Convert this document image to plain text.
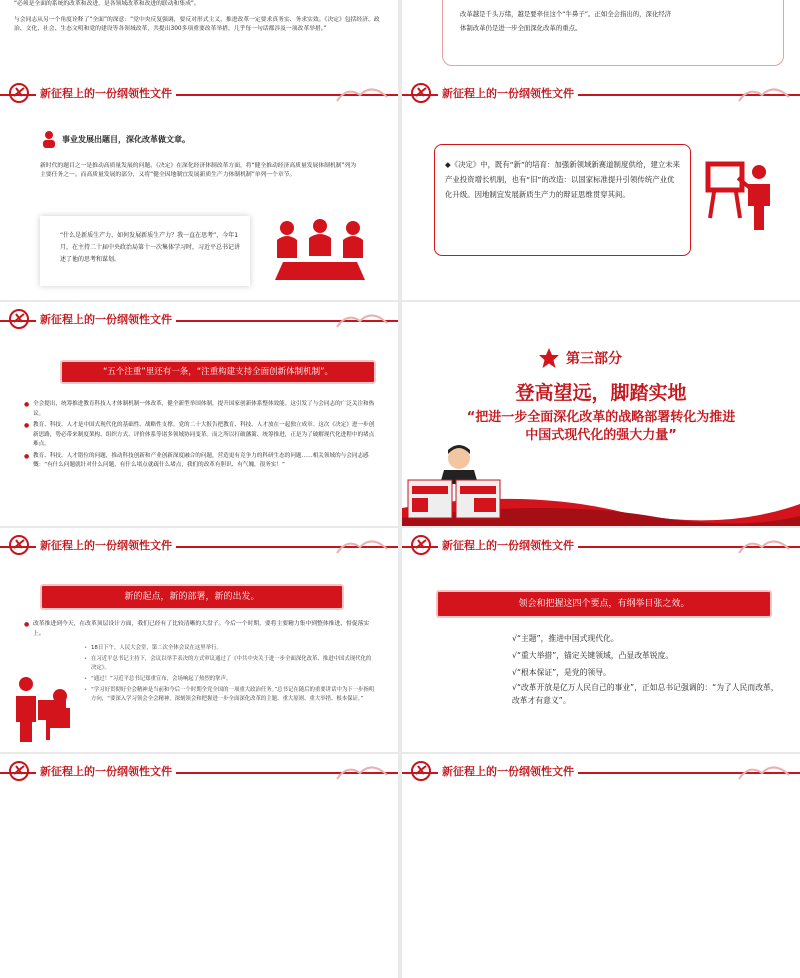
“必须是全面的系统的改革和改进，是各领域改革和改进的联动和集成”。
与会同志从另一个角度诠释了“全面”的深意：“党中央反复强调，要反对形式主义，推进改革一定要求真务实、务求实效。《决定》包括经济、政治、文化、社会、生态文明和党的建设等各领域改革，共提出300多项重要改革举措，几乎每一句话都涉及一项改革举措。”
改革越是千头万绪，越是要牵住这个“牛鼻子”。正如全会指出的，深化经济
体制改革仍是进一步全面深化改革的重点。
新征程上的一份纲领性文件
事业发展出题目，深化改革做文章。
新时代的题目之一是推动高质量发展的问题。《决定》在深化经济体制改革方面，将“健全推动经济高质量发展体制机制”列为主要任务之一。而高质量发展的部分，又将“健全因地制宜发展新质生产力体制机制”单列一个章节。
“什么是新质生产力、如何发展新质生产力？我一直在思考”，今年1月，在主持二十届中央政治局第十一次集体学习时，习近平总书记讲述了他的思考和谋划。
新征程上的一份纲领性文件
◆《决定》中，既有“新”的培育：加强新领域新赛道制度供给，建立未来产业投资增长机制，也有“旧”的改造：以国家标准提升引领传统产业优化升级。因地制宜发展新质生产力的辩证思维贯穿其间。
新征程上的一份纲领性文件
“五个注重”里还有一条，“注重构建支持全面创新体制机制”。
● 全会提出，统筹推进教育科技人才体制机制一体改革，健全新型举国体制，提升国家创新体系整体效能。这引发了与会同志的广泛关注和热议。
● 教育、科技、人才是中国式现代化的基础性、战略性支撑。党的二十大报告把教育、科技、人才放在一起独立成章。这次《决定》进一步创新思路，势必带来制度架构、组织方式、评价体系等诸多领域协同变革。而之所以打破藩篱、统筹推进，正是为了破解现代化进程中的堵点难点。
● 教育、科技、人才错位的问题，推动科技创新和产业创新深度融合的问题，营造更有竞争力的科研生态的问题……相关领域的与会同志感慨：“有什么问题就针对什么问题，有什么堵点就疏什么堵点，我们的改革有胆识、有气魄，很务实！”
第三部分
登高望远，脚踏实地
“把进一步全面深化改革的战略部署转化为推进
中国式现代化的强大力量”
新征程上的一份纲领性文件
新的起点，新的部署，新的出发。
● 改革推进到今天，在改革顶层设计方面，我们已经有了比较清晰的大盘子。今后一个时期，要将主要精力集中到整体推进、督促落实上。
• 18日下午，人民大会堂，第二次全体会议在这里举行。
• 在习近平总书记主持下，会议以举手表决的方式审议通过了《中共中央关于进一步全面深化改革、推进中国式现代化的决定》。
• “通过！”习近平总书记郑重宣布，会场响起了热烈的掌声。
• “学习好贯彻好全会精神是当前和今后一个时期全党全国的一项重大政治任务。”总书记在随后的重要讲话中为下一步指明方向，“要深入学习领会全会精神，深刻领会和把握进一步全面深化改革的主题、重大原则、重大举措、根本保证。”
新征程上的一份纲领性文件
领会和把握这四个要点，有纲举目张之效。
√“主题”，推进中国式现代化。
√“重大举措”，锚定关键领域，凸显改革锐度。
√“根本保证”，是党的领导。
√“改革开放是亿万人民自己的事业”，正如总书记强调的：“为了人民而改革，改革才有意义”。
新征程上的一份纲领性文件	新征程上的一份纲领性文件
